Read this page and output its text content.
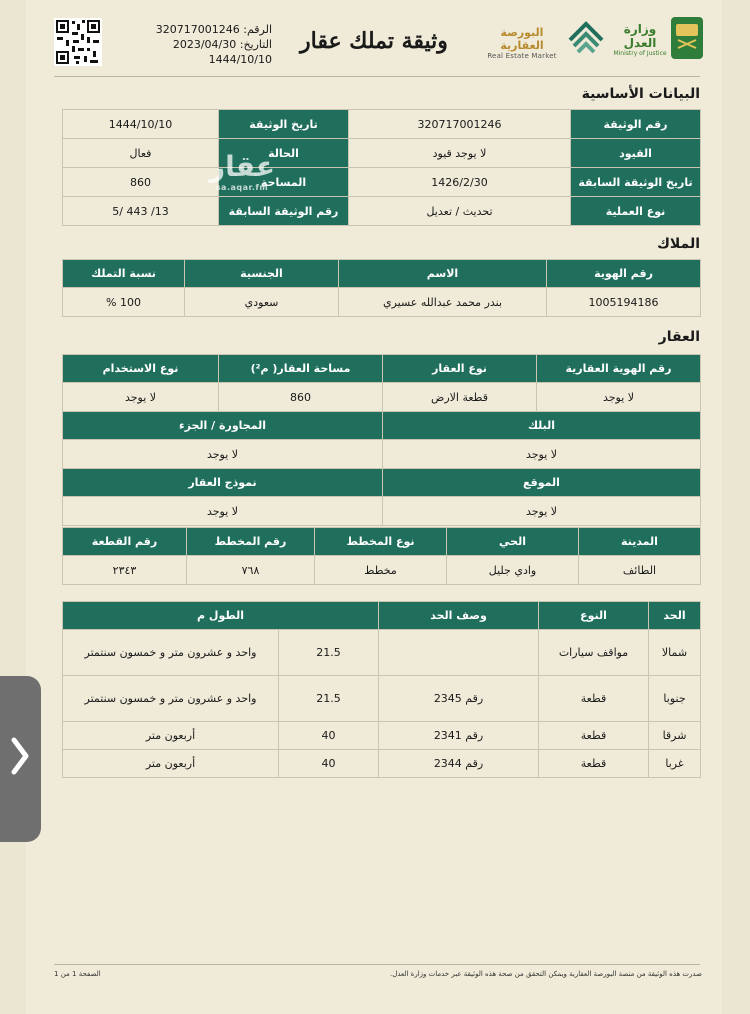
الرقم: 320717001246
التاريخ: 2023/04/30
1444/10/10
وثيقة تملك عقار	البورصة العقارية
Real Estate Market
وزارة العدل
Ministry of Justice
البيانات الأساسية
رقم الوثيقة	320717001246	تاريخ الوثيقة	1444/10/10
القيود	لا يوجد قيود	الحالة	فعال
تاريخ الوثيقة السابقة	1426/2/30	المساحة	860
نوع العملية	تحديث / تعديل	رقم الوثيقة السابقة	13/ 443 /5
عقار
sa.aqar.fm
الملاك
رقم الهوية	الاسم	الجنسية	نسبة التملك
1005194186	بندر محمد عبدالله عسيري	سعودي	100 %
العقار
رقم الهوية العقارية	نوع العقار	مساحة العقار( م²)	نوع الاستخدام
لا يوجد	قطعة الارض	860	لا يوجد
البلك		المجاورة / الجزء	
لا يوجد		لا يوجد	
الموقع		نموذج العقار	
لا يوجد		لا يوجد	
المدينة	الحي	نوع المخطط	رقم المخطط	رقم القطعة
الطائف	وادي جليل	مخطط	٧٦٨	٢٣٤٣
الحد	النوع	وصف الحد	الطول م	
شمالا	مواقف سيارات		21.5	واحد و عشرون متر و خمسون سنتمتر
جنوبا	قطعة	رقم 2345	21.5	واحد و عشرون متر و خمسون سنتمتر
شرقا	قطعة	رقم 2341	40	أربعون متر
غربا	قطعة	رقم 2344	40	أربعون متر
صدرت هذه الوثيقة من منصة البورصة العقارية ويمكن التحقق من صحة هذه الوثيقة عبر خدمات وزارة العدل.
الصفحة 1 من 1
